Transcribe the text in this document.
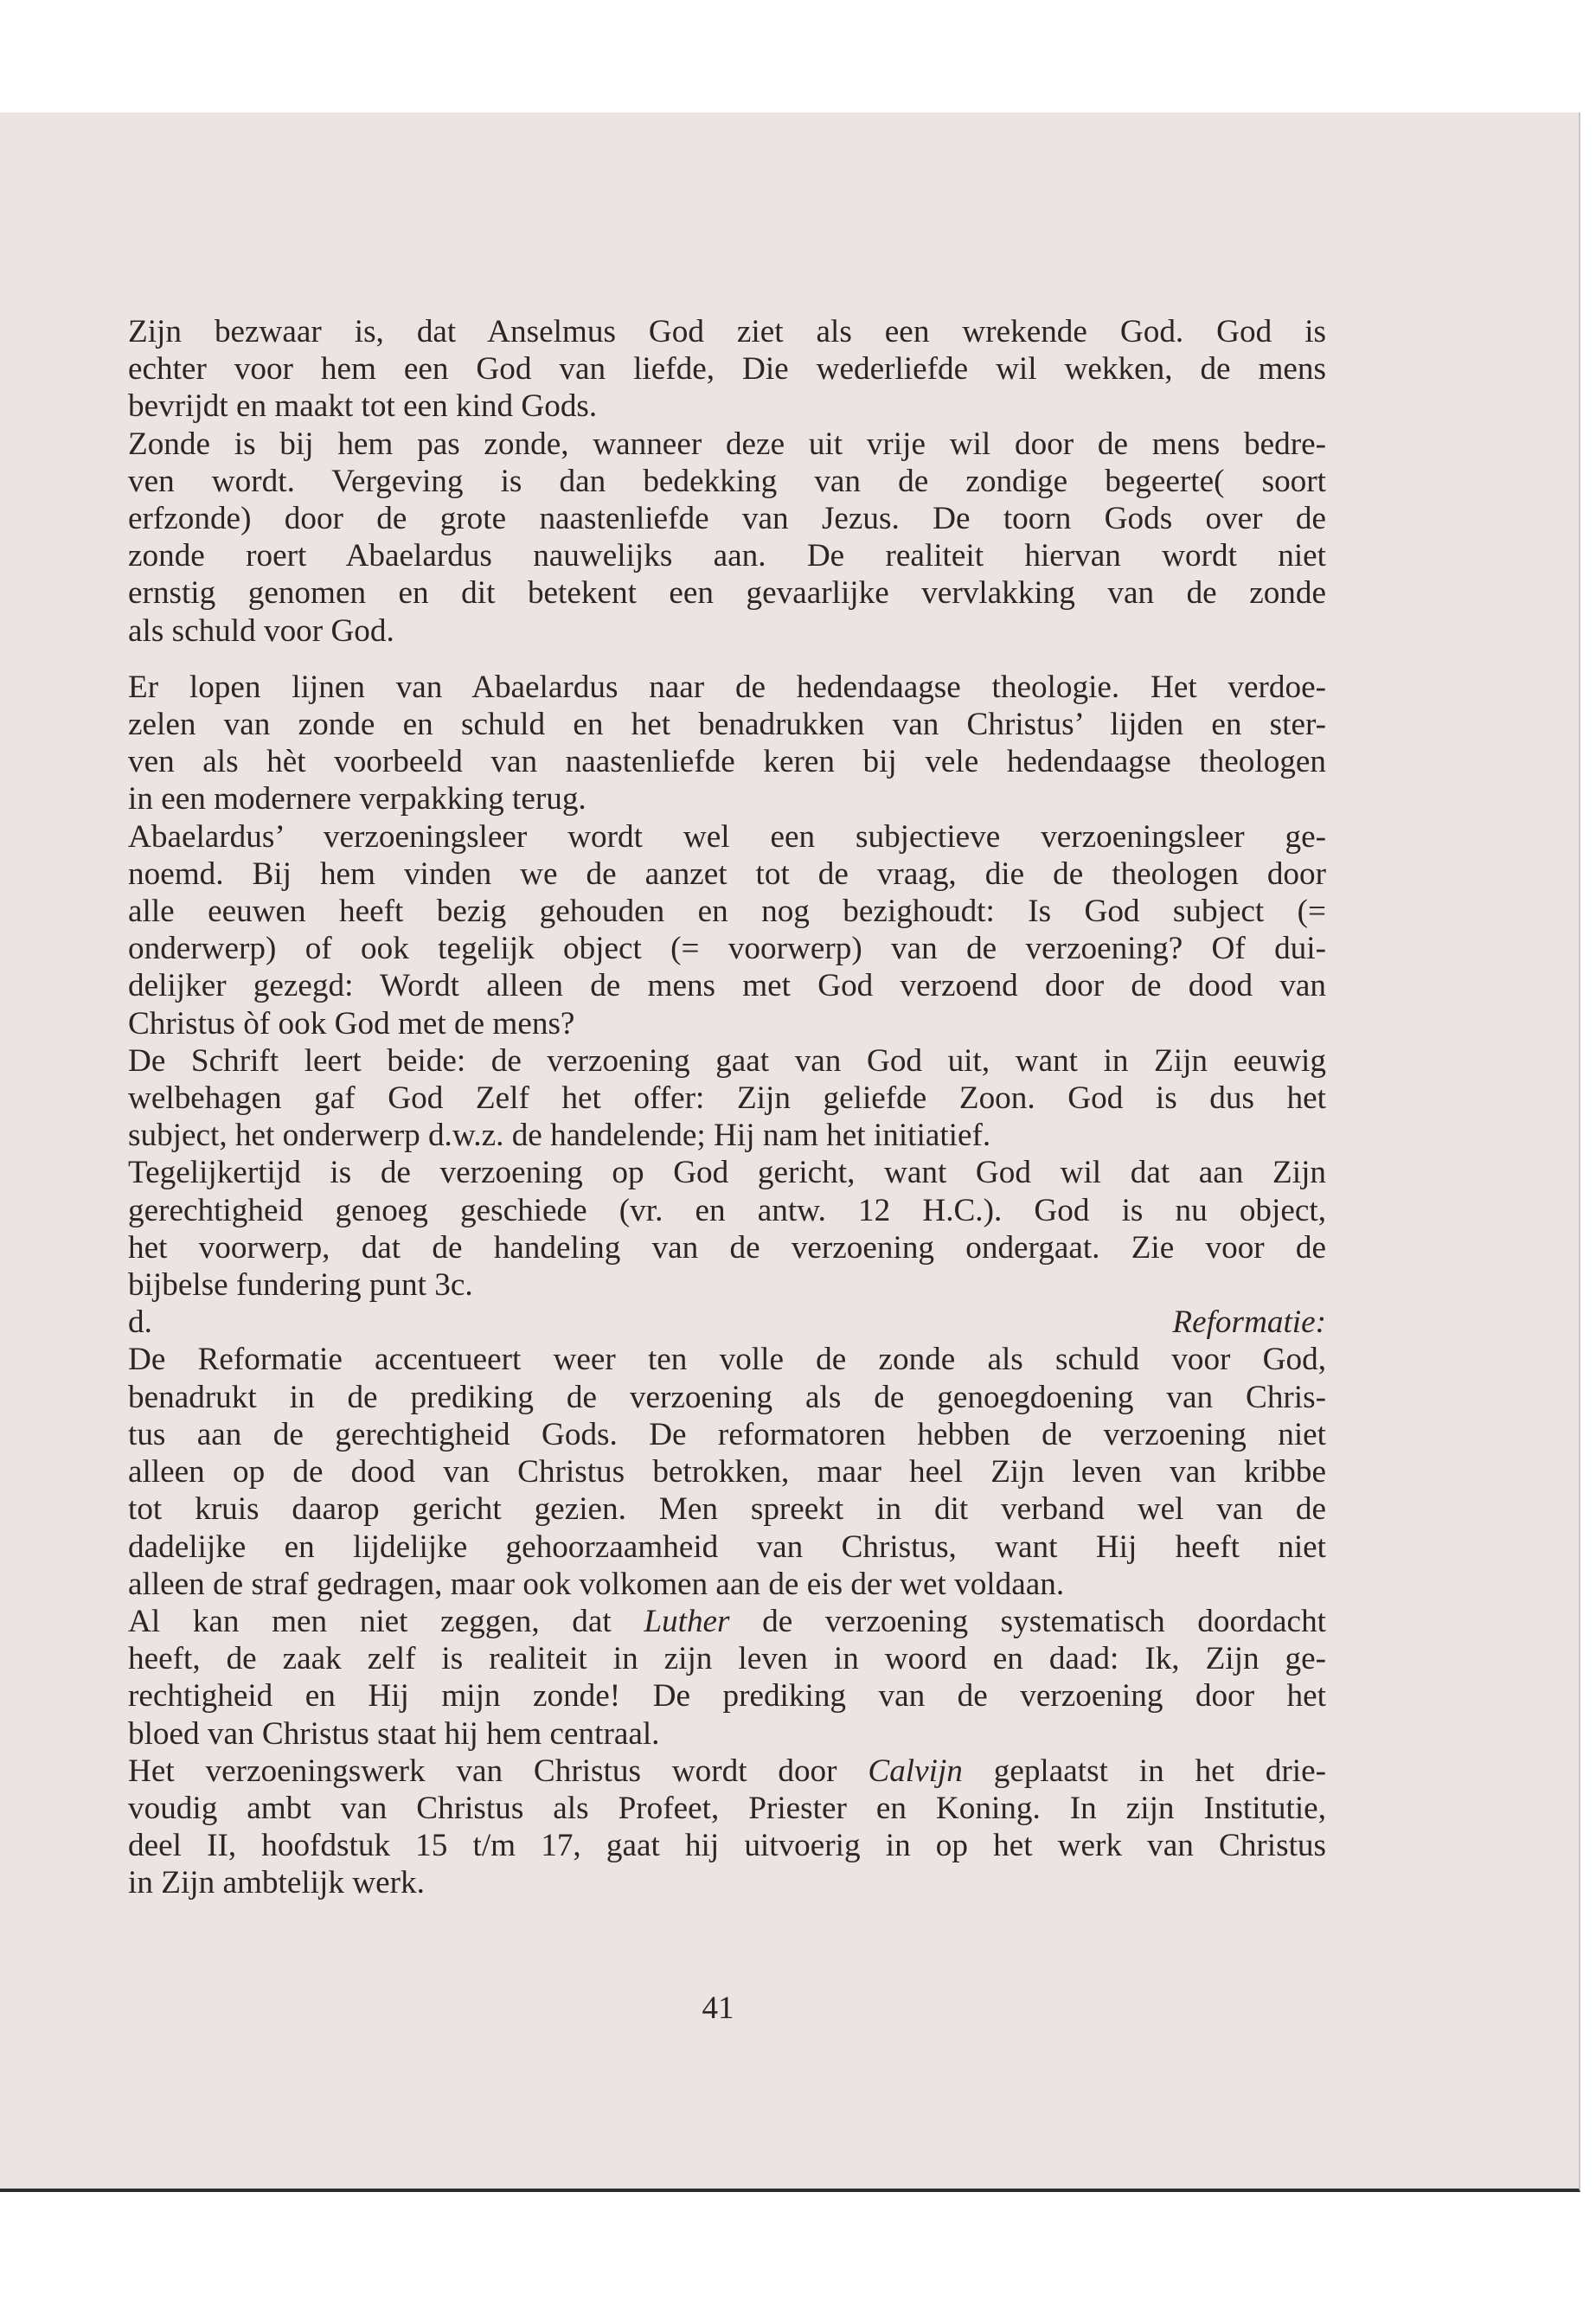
Zijn bezwaar is, dat Anselmus God ziet als een wrekende God. God is

echter voor hem een God van liefde, Die wederliefde wil wekken, de mens

bevrijdt en maakt tot een kind Gods.

Zonde is bij hem pas zonde, wanneer deze uit vrije wil door de mens bedre-

ven wordt. Vergeving is dan bedekking van de zondige begeerte( soort

erfzonde) door de grote naastenliefde van Jezus. De toorn Gods over de

zonde roert Abaelardus nauwelijks aan. De realiteit hiervan wordt niet

ernstig genomen en dit betekent een gevaarlijke vervlakking van de zonde

als schuld voor God.

Er lopen lijnen van Abaelardus naar de hedendaagse theologie. Het verdoe-

zelen van zonde en schuld en het benadrukken van Christus’ lijden en ster-

ven als hèt voorbeeld van naastenliefde keren bij vele hedendaagse theologen

in een modernere verpakking terug.

Abaelardus’ verzoeningsleer wordt wel een subjectieve verzoeningsleer ge-

noemd. Bij hem vinden we de aanzet tot de vraag, die de theologen door

alle eeuwen heeft bezig gehouden en nog bezighoudt: Is God subject (=

onderwerp) of ook tegelijk object (= voorwerp) van de verzoening? Of dui-

delijker gezegd: Wordt alleen de mens met God verzoend door de dood van

Christus òf ook God met de mens?

De Schrift leert beide: de verzoening gaat van God uit, want in Zijn eeuwig

welbehagen gaf God Zelf het offer: Zijn geliefde Zoon. God is dus het

subject, het onderwerp d.w.z. de handelende; Hij nam het initiatief.

Tegelijkertijd is de verzoening op God gericht, want God wil dat aan Zijn

gerechtigheid genoeg geschiede (vr. en antw. 12 H.C.). God is nu object,

het voorwerp, dat de handeling van de verzoening ondergaat. Zie voor de

bijbelse fundering punt 3c.

d.	Reformatie:

De Reformatie accentueert weer ten volle de zonde als schuld voor God,

benadrukt in de prediking de verzoening als de genoegdoening van Chris-

tus aan de gerechtigheid Gods. De reformatoren hebben de verzoening niet

alleen op de dood van Christus betrokken, maar heel Zijn leven van kribbe

tot kruis daarop gericht gezien. Men spreekt in dit verband wel van de

dadelijke en lijdelijke gehoorzaamheid van Christus, want Hij heeft niet

alleen de straf gedragen, maar ook volkomen aan de eis der wet voldaan.

Al kan men niet zeggen, dat Luther de verzoening systematisch doordacht

heeft, de zaak zelf is realiteit in zijn leven in woord en daad: Ik, Zijn ge-

rechtigheid en Hij mijn zonde! De prediking van de verzoening door het

bloed van Christus staat hij hem centraal.

Het verzoeningswerk van Christus wordt door Calvijn geplaatst in het drie-

voudig ambt van Christus als Profeet, Priester en Koning. In zijn Institutie,

deel II, hoofdstuk 15 t/m 17, gaat hij uitvoerig in op het werk van Christus

in Zijn ambtelijk werk.

41
